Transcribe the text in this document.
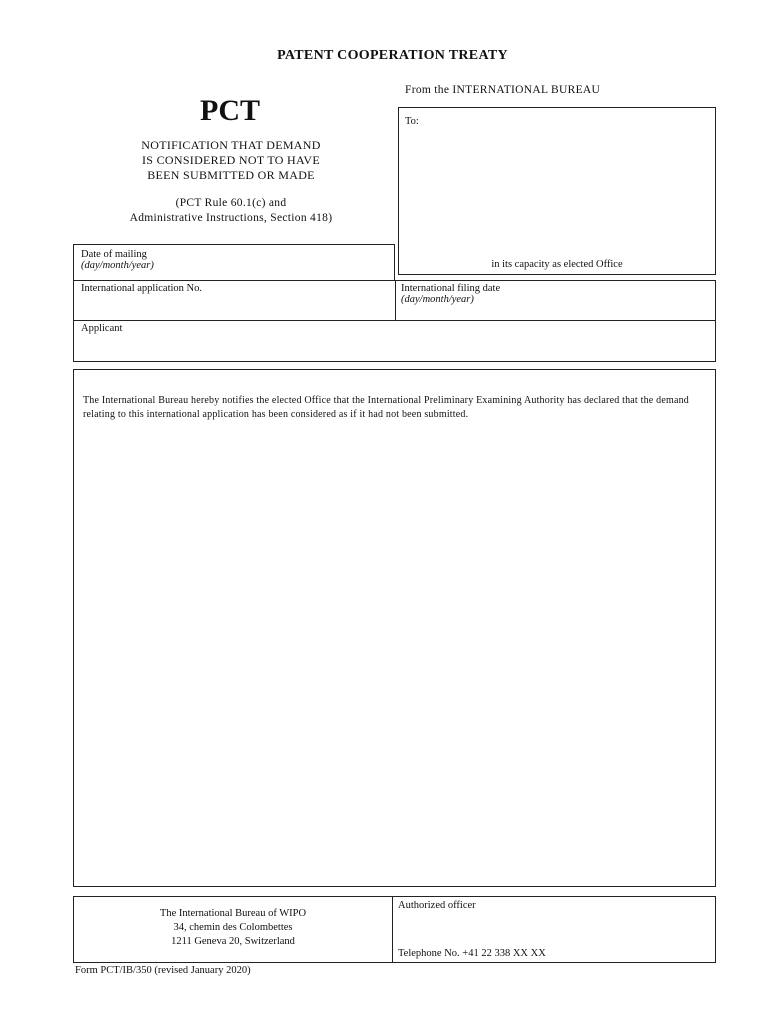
PATENT COOPERATION TREATY
From the INTERNATIONAL BUREAU
PCT
NOTIFICATION THAT DEMAND
IS CONSIDERED NOT TO HAVE
BEEN SUBMITTED OR MADE
(PCT Rule 60.1(c) and
Administrative Instructions, Section 418)
To:
in its capacity as elected Office
Date of mailing
(day/month/year)
International application No.	International filing date
(day/month/year)
Applicant
The International Bureau hereby notifies the elected Office that the International Preliminary Examining Authority has declared that the demand relating to this international application has been considered as if it had not been submitted.
The International Bureau of WIPO
34, chemin des Colombettes
1211 Geneva 20, Switzerland
Authorized officer
Telephone No. +41 22 338 XX XX
Form PCT/IB/350 (revised January 2020)
